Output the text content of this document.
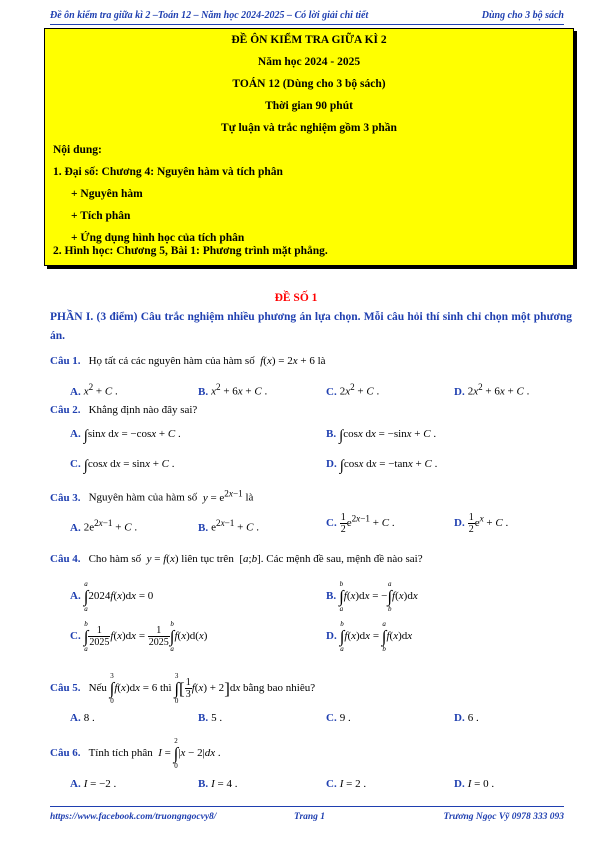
Đề ôn kiểm tra giữa kì 2 –Toán 12 – Năm học 2024-2025 – Có lời giải chi tiết	Dùng cho 3 bộ sách
ĐỀ ÔN KIỂM TRA GIỮA KÌ 2
Năm học 2024 - 2025
TOÁN 12 (Dùng cho 3 bộ sách)
Thời gian 90 phút
Tự luận và trắc nghiệm gồm 3 phần
Nội dung:
1. Đại số: Chương 4: Nguyên hàm và tích phân
+ Nguyên hàm
+ Tích phân
+ Ứng dụng hình học của tích phân
2. Hình học: Chương 5, Bài 1: Phương trình mặt phẳng.
ĐỀ SỐ 1
PHẦN I. (3 điểm) Câu trắc nghiệm nhiều phương án lựa chọn. Mỗi câu hỏi thí sinh chỉ chọn một phương án.
Câu 1. Họ tất cả các nguyên hàm của hàm số f(x) = 2x + 6 là
A. $x^2 + C$ .	B. $x^2 + 6x + C$ .	C. $2x^2 + C$ .	D. $2x^2 + 6x + C$ .
Câu 2. Khẳng định nào đây sai?
A. ∫sinx dx = −cosx + C .	B. ∫cosx dx = −sinx + C .
C. ∫cosx dx = sinx + C .	D. ∫cosx dx = −tanx + C .
Câu 3. Nguyên hàm của hàm số $y = e^{2x-1}$ là
A. $2e^{2x-1} + C$ .	B. $e^{2x-1} + C$ .	C. $\frac{1}{2} e^{2x-1} + C$ .	D. $\frac{1}{2} e^x + C$ .
Câu 4. Cho hàm số y = f(x) liên tục trên  [a;b]. Các mệnh đề sau, mệnh đề nào sai?
A.a
∫
a2024f(x)dx = 0	B.b
∫
af(x)dx = −a
∫
bf(x)dx
C.b
∫
a
$\frac{1}{2025} f(x)dx = \frac{1}{2025}$
b
∫
af(x)d(x)	D.b
∫
af(x)dx = a
∫
bf(x)dx
Câu 5. Nếu 3
∫
0f(x)dx = 6 thì 3
∫
$0[ \frac{1}{3} f(x) + 2]dx$ bằng bao nhiêu?
A. 8 .	B. 5 .	C. 9 .	D. 6 .
Câu 6. Tính tích phân I = 2
∫
0|x − 2|dx .
A. I = −2 .	B. I = 4 .	C. I = 2 .	D. I = 0 .
https://www.facebook.com/truongngocvy8/	Trang 1	Trương Ngọc Vỹ 0978 333 093
